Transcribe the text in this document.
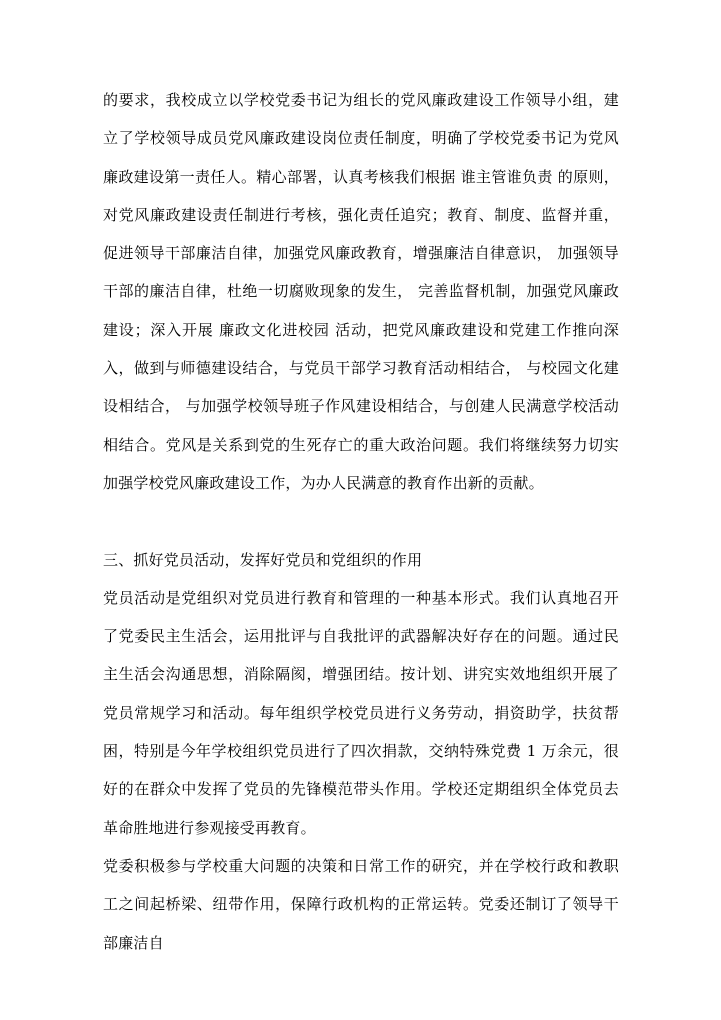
的要求，我校成立以学校党委书记为组长的党风廉政建设工作领导小组，建立了学校领导成员党风廉政建设岗位责任制度，明确了学校党委书记为党风廉政建设第一责任人。精心部署，认真考核我们根据 谁主管谁负责 的原则，对党风廉政建设责任制进行考核，强化责任追究；教育、制度、监督并重，促进领导干部廉洁自律，加强党风廉政教育，增强廉洁自律意识， 加强领导干部的廉洁自律，杜绝一切腐败现象的发生， 完善监督机制，加强党风廉政建设；深入开展 廉政文化进校园 活动，把党风廉政建设和党建工作推向深入，做到与师德建设结合，与党员干部学习教育活动相结合， 与校园文化建设相结合， 与加强学校领导班子作风建设相结合，与创建人民满意学校活动相结合。党风是关系到党的生死存亡的重大政治问题。我们将继续努力切实加强学校党风廉政建设工作，为办人民满意的教育作出新的贡献。

三、抓好党员活动，发挥好党员和党组织的作用

党员活动是党组织对党员进行教育和管理的一种基本形式。我们认真地召开了党委民主生活会，运用批评与自我批评的武器解决好存在的问题。通过民主生活会沟通思想，消除隔阂，增强团结。按计划、讲究实效地组织开展了党员常规学习和活动。每年组织学校党员进行义务劳动，捐资助学，扶贫帮困，特别是今年学校组织党员进行了四次捐款，交纳特殊党费 1 万余元，很好的在群众中发挥了党员的先锋模范带头作用。学校还定期组织全体党员去革命胜地进行参观接受再教育。

党委积极参与学校重大问题的决策和日常工作的研究，并在学校行政和教职工之间起桥梁、纽带作用，保障行政机构的正常运转。党委还制订了领导干部廉洁自
